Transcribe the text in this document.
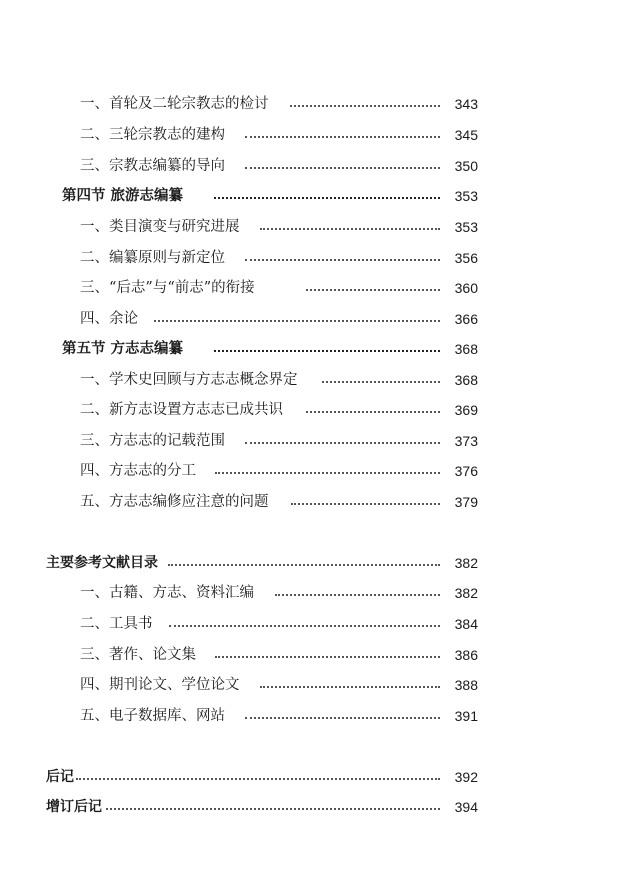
一、首轮及二轮宗教志的检讨	343
二、三轮宗教志的建构	345
三、宗教志编纂的导向	350
第四节 旅游志编纂	353
一、类目演变与研究进展	353
二、编纂原则与新定位	356
三、“后志”与“前志”的衔接	360
四、余论	366
第五节 方志志编纂	368
一、学术史回顾与方志志概念界定	368
二、新方志设置方志志已成共识	369
三、方志志的记载范围	373
四、方志志的分工	376
五、方志志编修应注意的问题	379
主要参考文献目录	382
一、古籍、方志、资料汇编	382
二、工具书	384
三、著作、论文集	386
四、期刊论文、学位论文	388
五、电子数据库、网站	391
后记	392
增订后记	394
